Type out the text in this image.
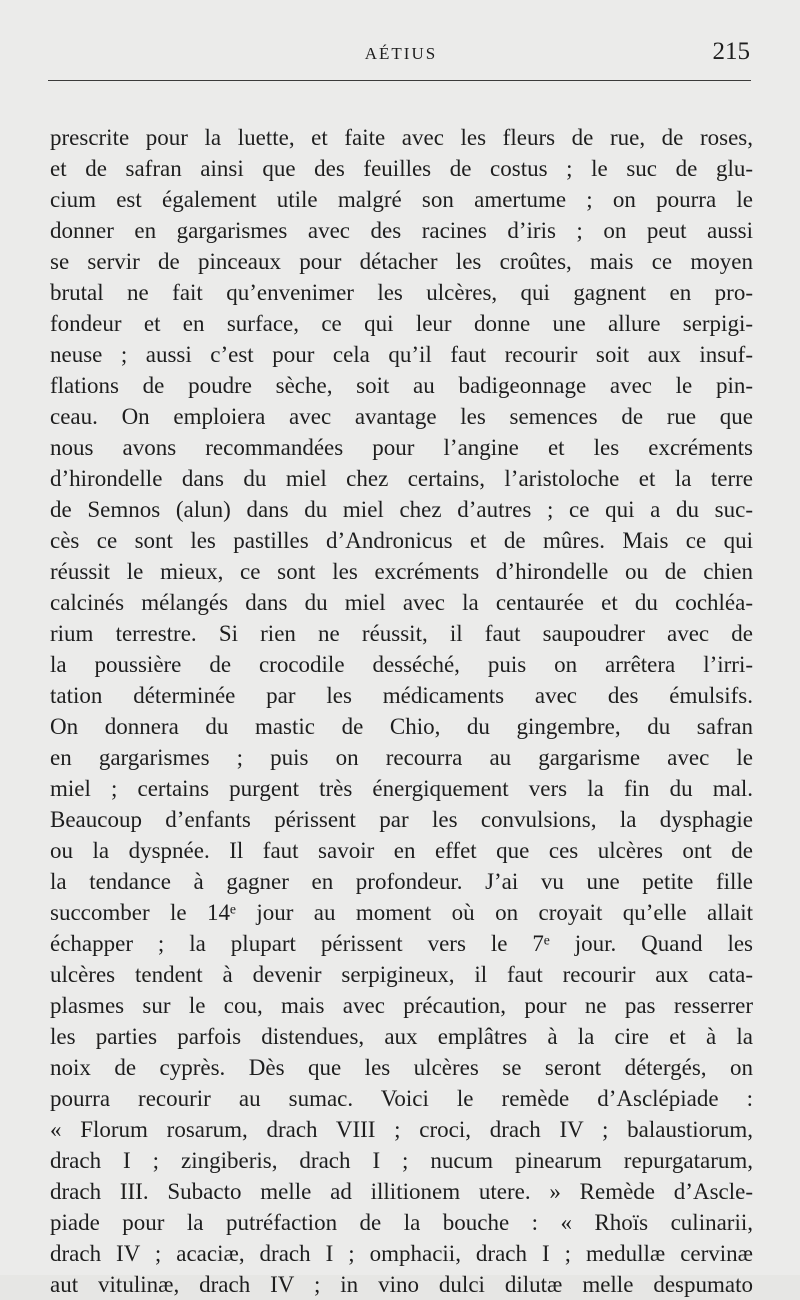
AÉTIUS	215
prescrite pour la luette, et faite avec les fleurs de rue, de roses,
et de safran ainsi que des feuilles de costus ; le suc de glu-
cium est également utile malgré son amertume ; on pourra le
donner en gargarismes avec des racines d’iris ; on peut aussi
se servir de pinceaux pour détacher les croûtes, mais ce moyen
brutal ne fait qu’envenimer les ulcères, qui gagnent en pro-
fondeur et en surface, ce qui leur donne une allure serpigi-
neuse ; aussi c’est pour cela qu’il faut recourir soit aux insuf-
flations de poudre sèche, soit au badigeonnage avec le pin-
ceau. On emploiera avec avantage les semences de rue que
nous avons recommandées pour l’angine et les excréments
d’hirondelle dans du miel chez certains, l’aristoloche et la terre
de Semnos (alun) dans du miel chez d’autres ; ce qui a du suc-
cès ce sont les pastilles d’Andronicus et de mûres. Mais ce qui
réussit le mieux, ce sont les excréments d’hirondelle ou de chien
calcinés mélangés dans du miel avec la centaurée et du cochléa-
rium terrestre. Si rien ne réussit, il faut saupoudrer avec de
la poussière de crocodile desséché, puis on arrêtera l’irri-
tation déterminée par les médicaments avec des émulsifs.
On donnera du mastic de Chio, du gingembre, du safran
en gargarismes ; puis on recourra au gargarisme avec le
miel ; certains purgent très énergiquement vers la fin du mal.
Beaucoup d’enfants périssent par les convulsions, la dysphagie
ou la dyspnée. Il faut savoir en effet que ces ulcères ont de
la tendance à gagner en profondeur. J’ai vu une petite fille
succomber le 14ᵉ jour au moment où on croyait qu’elle allait
échapper ; la plupart périssent vers le 7ᵉ jour. Quand les
ulcères tendent à devenir serpigineux, il faut recourir aux cata-
plasmes sur le cou, mais avec précaution, pour ne pas resserrer
les parties parfois distendues, aux emplâtres à la cire et à la
noix de cyprès. Dès que les ulcères se seront détergés, on
pourra recourir au sumac. Voici le remède d’Asclépiade :
« Florum rosarum, drach VIII ; croci, drach IV ; balaustiorum,
drach I ; zingiberis, drach I ; nucum pinearum repurgatarum,
drach III. Subacto melle ad illitionem utere. » Remède d’Ascle-
piade pour la putréfaction de la bouche : « Rhoïs culinarii,
drach IV ; acaciæ, drach I ; omphacii, drach I ; medullæ cervinæ
aut vitulinæ, drach IV ; in vino dulci dilutæ melle despumato
